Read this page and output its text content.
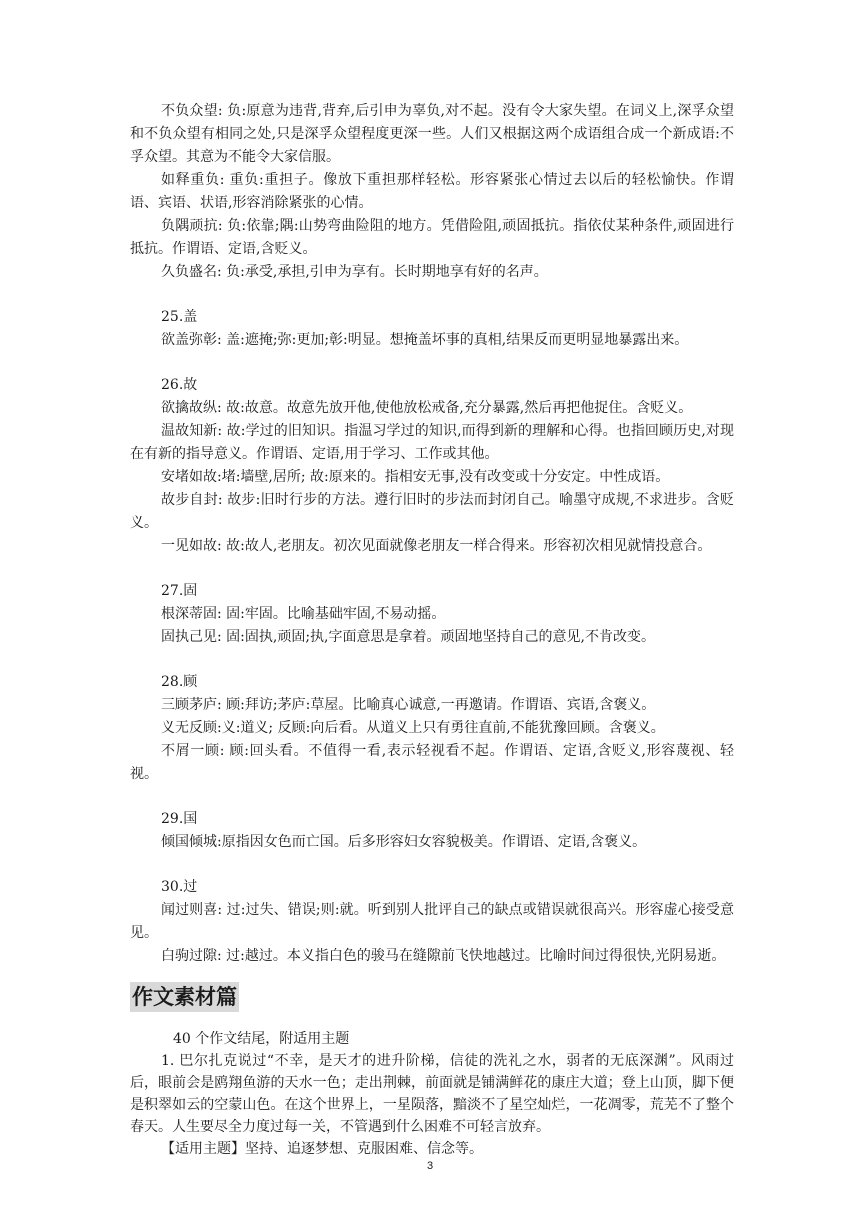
不负众望: 负:原意为违背,背弃,后引申为辜负,对不起。没有令大家失望。在词义上,深孚众望和不负众望有相同之处,只是深孚众望程度更深一些。人们又根据这两个成语组合成一个新成语:不孚众望。其意为不能令大家信服。

如释重负: 重负:重担子。像放下重担那样轻松。形容紧张心情过去以后的轻松愉快。作谓语、宾语、状语,形容消除紧张的心情。

负隅顽抗: 负:依靠;隅:山势弯曲险阻的地方。凭借险阻,顽固抵抗。指依仗某种条件,顽固进行抵抗。作谓语、定语,含贬义。

久负盛名: 负:承受,承担,引申为享有。长时期地享有好的名声。

25.盖

欲盖弥彰: 盖:遮掩;弥:更加;彰:明显。想掩盖坏事的真相,结果反而更明显地暴露出来。

26.故

欲擒故纵: 故:故意。故意先放开他,使他放松戒备,充分暴露,然后再把他捉住。含贬义。

温故知新: 故:学过的旧知识。指温习学过的知识,而得到新的理解和心得。也指回顾历史,对现在有新的指导意义。作谓语、定语,用于学习、工作或其他。

安堵如故:堵:墙壁,居所; 故:原来的。指相安无事,没有改变或十分安定。中性成语。

故步自封: 故步:旧时行步的方法。遵行旧时的步法而封闭自己。喻墨守成规,不求进步。含贬义。

一见如故: 故:故人,老朋友。初次见面就像老朋友一样合得来。形容初次相见就情投意合。

27.固

根深蒂固: 固:牢固。比喻基础牢固,不易动摇。

固执己见: 固:固执,顽固;执,字面意思是拿着。顽固地坚持自己的意见,不肯改变。

28.顾

三顾茅庐: 顾:拜访;茅庐:草屋。比喻真心诚意,一再邀请。作谓语、宾语,含褒义。

义无反顾:义:道义; 反顾:向后看。从道义上只有勇往直前,不能犹豫回顾。含褒义。

不屑一顾: 顾:回头看。不值得一看,表示轻视看不起。作谓语、定语,含贬义,形容蔑视、轻视。

29.国

倾国倾城:原指因女色而亡国。后多形容妇女容貌极美。作谓语、定语,含褒义。

30.过

闻过则喜: 过:过失、错误;则:就。听到别人批评自己的缺点或错误就很高兴。形容虚心接受意见。

白驹过隙: 过:越过。本义指白色的骏马在缝隙前飞快地越过。比喻时间过得很快,光阴易逝。

作文素材篇

40 个作文结尾，附适用主题

1. 巴尔扎克说过“不幸，是天才的进升阶梯，信徒的洗礼之水，弱者的无底深渊”。风雨过后，眼前会是鸥翔鱼游的天水一色；走出荆棘，前面就是铺满鲜花的康庄大道；登上山顶，脚下便是积翠如云的空蒙山色。在这个世界上，一星陨落，黯淡不了星空灿烂，一花凋零，荒芜不了整个春天。人生要尽全力度过每一关，不管遇到什么困难不可轻言放弃。

【适用主题】坚持、追逐梦想、克服困难、信念等。

3
